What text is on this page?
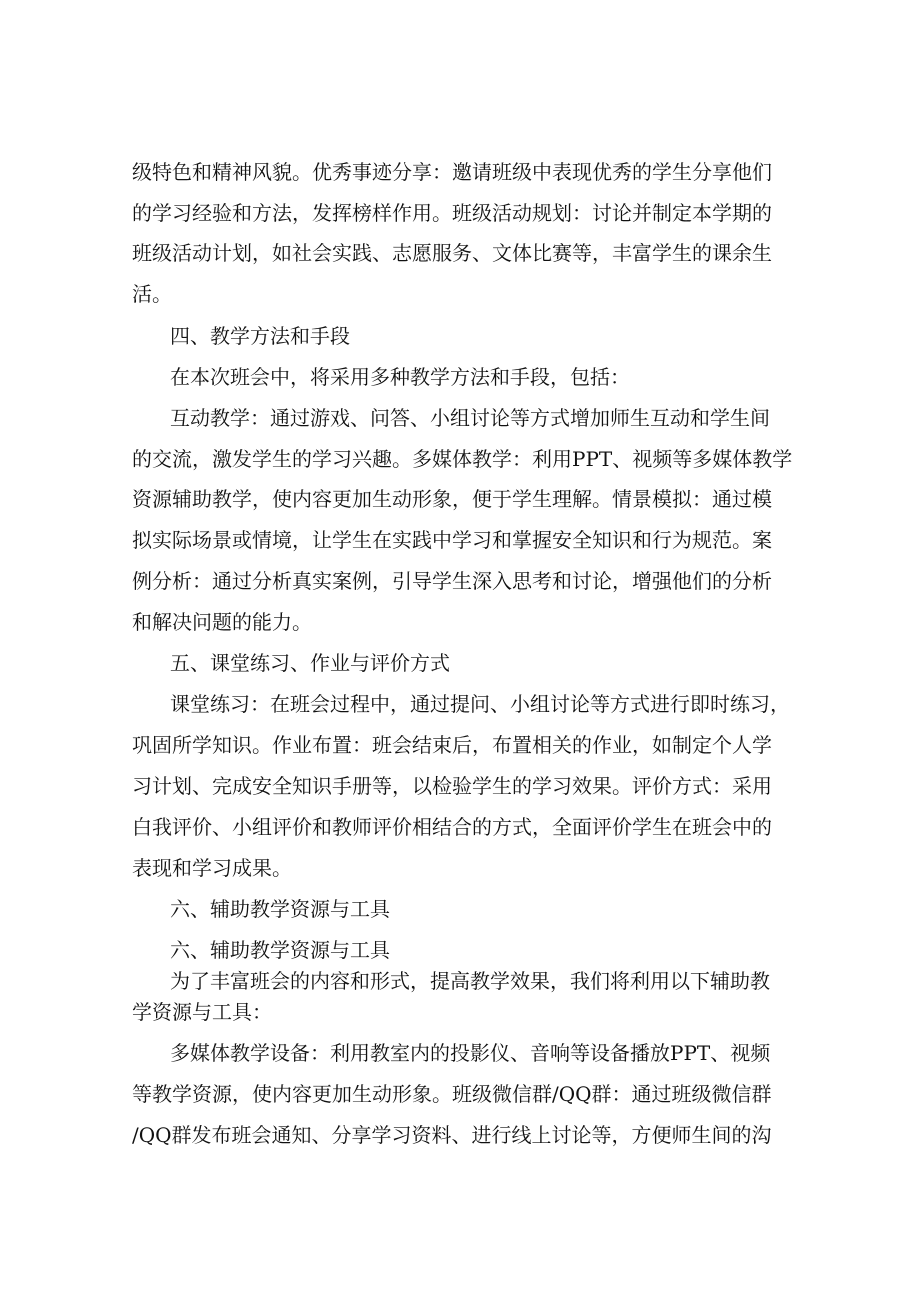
级特色和精神风貌。优秀事迹分享：邀请班级中表现优秀的学生分享他们
的学习经验和方法，发挥榜样作用。班级活动规划：讨论并制定本学期的
班级活动计划，如社会实践、志愿服务、文体比赛等，丰富学生的课余生
活。
四、教学方法和手段
在本次班会中，将采用多种教学方法和手段，包括：
互动教学：通过游戏、问答、小组讨论等方式增加师生互动和学生间
的交流，激发学生的学习兴趣。多媒体教学：利用PPT、视频等多媒体教学
资源辅助教学，使内容更加生动形象，便于学生理解。情景模拟：通过模
拟实际场景或情境，让学生在实践中学习和掌握安全知识和行为规范。案
例分析：通过分析真实案例，引导学生深入思考和讨论，增强他们的分析
和解决问题的能力。
五、课堂练习、作业与评价方式
课堂练习：在班会过程中，通过提问、小组讨论等方式进行即时练习，
巩固所学知识。作业布置：班会结束后，布置相关的作业，如制定个人学
习计划、完成安全知识手册等，以检验学生的学习效果。评价方式：采用
白我评价、小组评价和教师评价相结合的方式，全面评价学生在班会中的
表现和学习成果。
六、辅助教学资源与工具
六、辅助教学资源与工具
为了丰富班会的内容和形式，提高教学效果，我们将利用以下辅助教
学资源与工具：
多媒体教学设备：利用教室内的投影仪、音响等设备播放PPT、视频
等教学资源，使内容更加生动形象。班级微信群/QQ群：通过班级微信群
/QQ群发布班会通知、分享学习资料、进行线上讨论等，方便师生间的沟
